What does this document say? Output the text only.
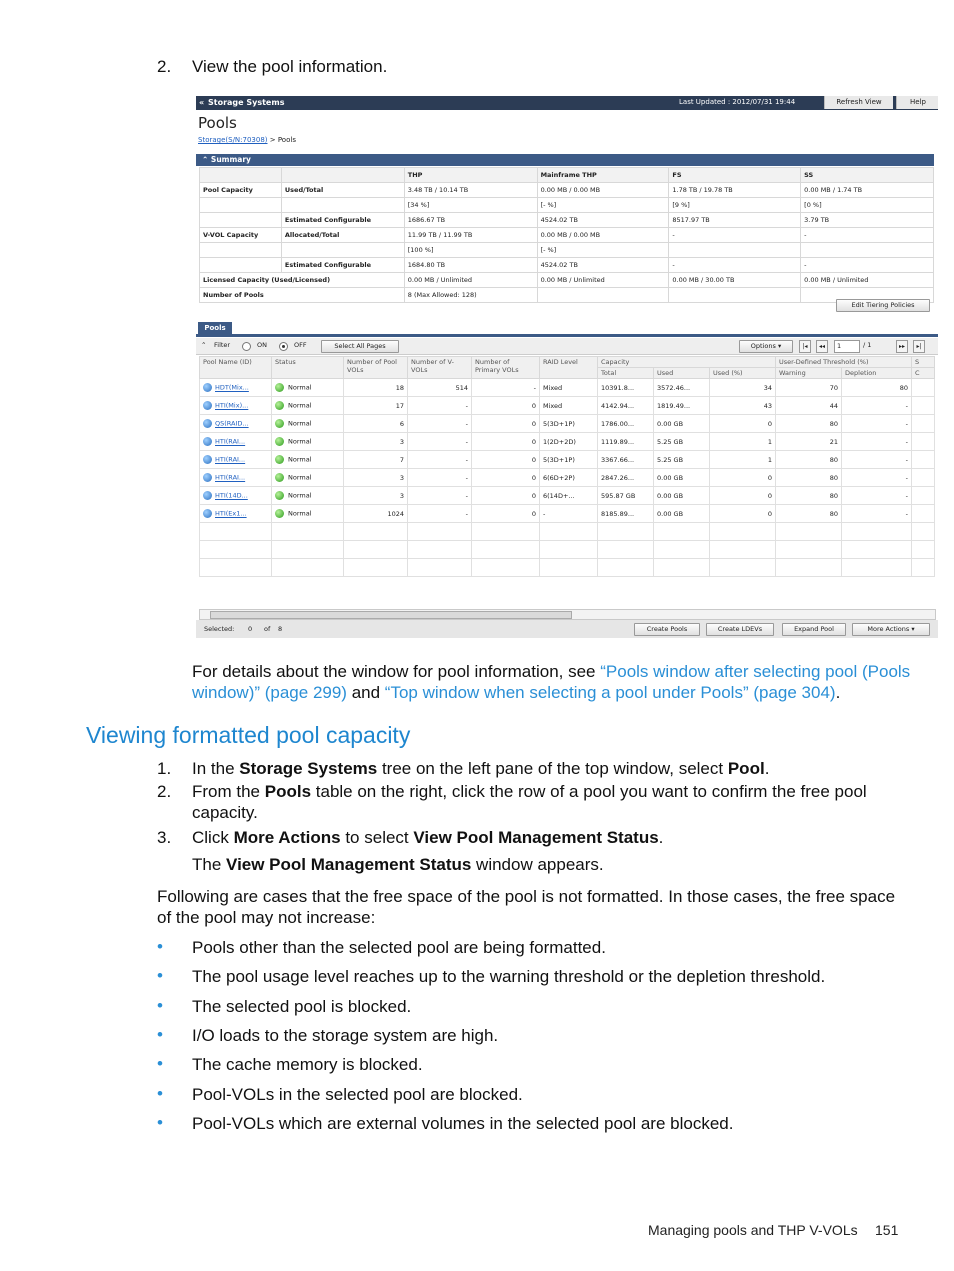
2. View the pool information.
« Storage Systems	Last Updated : 2012/07/31 19:44	Refresh View	Help
Pools
Storage(S/N:70308) > Pools
⌃ Summary
		THP	Mainframe THP	FS	SS
Pool Capacity	Used/Total	3.48 TB / 10.14 TB	0.00 MB / 0.00 MB	1.78 TB / 19.78 TB	0.00 MB / 1.74 TB
		[34 %]	[- %]	[9 %]	[0 %]
	Estimated Configurable	1686.67 TB	4524.02 TB	8517.97 TB	3.79 TB
V-VOL Capacity	Allocated/Total	11.99 TB / 11.99 TB	0.00 MB / 0.00 MB	-	-
		[100 %]	[- %]		
	Estimated Configurable	1684.80 TB	4524.02 TB	-	-
Licensed Capacity (Used/Licensed)		0.00 MB / Unlimited	0.00 MB / Unlimited	0.00 MB / 30.00 TB	0.00 MB / Unlimited
Number of Pools		8 (Max Allowed: 128)			
Edit Tiering Policies
Pools
⌃ Filter	ON	OFF	Select All Pages	Options ▾	|◂	◂◂	1	/ 1	▸▸	▸|
Pool Name (ID)	Status	Number of Pool VOLs	Number of V-VOLs	Number of Primary VOLs	RAID Level	Capacity			User-Defined Threshold (%)		S
						Total	Used	Used (%)	Warning	Depletion	C
HDT(Mix...	Normal	18	514	-	Mixed	10391.8...	3572.46...	34	70	80	
HTI(Mix)...	Normal	17	-	0	Mixed	4142.94...	1819.49...	43	44	-	
QS(RAID...	Normal	6	-	0	5(3D+1P)	1786.00...	0.00 GB	0	80	-	
HTI(RAI...	Normal	3	-	0	1(2D+2D)	1119.89...	5.25 GB	1	21	-	
HTI(RAI...	Normal	7	-	0	5(3D+1P)	3367.66...	5.25 GB	1	80	-	
HTI(RAI...	Normal	3	-	0	6(6D+2P)	2847.26...	0.00 GB	0	80	-	
HTI(14D...	Normal	3	-	0	6(14D+...	595.87 GB	0.00 GB	0	80	-	
HTI(Ex1...	Normal	1024	-	0	-	8185.89...	0.00 GB	0	80	-	

Selected: 0 of 8	Create Pools	Create LDEVs	Expand Pool	More Actions ▾
For details about the window for pool information, see “Pools window after selecting pool (Pools window)” (page 299) and “Top window when selecting a pool under Pools” (page 304).
Viewing formatted pool capacity
1. In the Storage Systems tree on the left pane of the top window, select Pool.
2. From the Pools table on the right, click the row of a pool you want to confirm the free pool capacity.
3. Click More Actions to select View Pool Management Status.
The View Pool Management Status window appears.
Following are cases that the free space of the pool is not formatted. In those cases, the free space of the pool may not increase:
• Pools other than the selected pool are being formatted.
• The pool usage level reaches up to the warning threshold or the depletion threshold.
• The selected pool is blocked.
• I/O loads to the storage system are high.
• The cache memory is blocked.
• Pool-VOLs in the selected pool are blocked.
• Pool-VOLs which are external volumes in the selected pool are blocked.
Managing pools and THP V-VOLs 151
